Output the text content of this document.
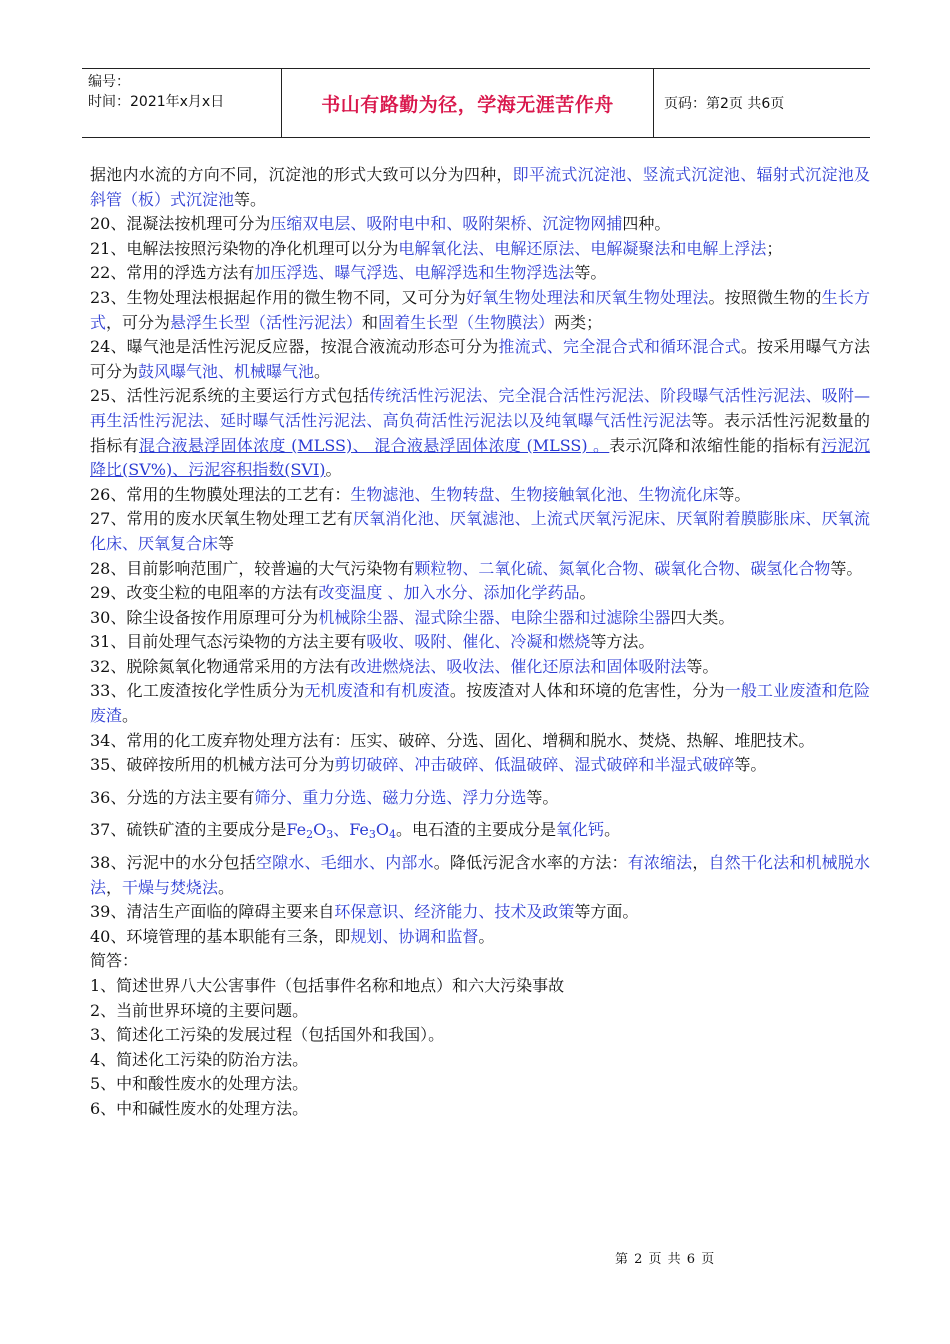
编号：
时间：2021年x月x日	书山有路勤为径，学海无涯苦作舟	页码：第2页 共6页

据池内水流的方向不同，沉淀池的形式大致可以分为四种，即平流式沉淀池、竖流式沉淀池、辐射式沉淀池及斜管（板）式沉淀池等。

20、混凝法按机理可分为压缩双电层、吸附电中和、吸附架桥、沉淀物网捕四种。

21、电解法按照污染物的净化机理可以分为电解氧化法、电解还原法、电解凝聚法和电解上浮法；

22、常用的浮选方法有加压浮选、曝气浮选、电解浮选和生物浮选法等。

23、生物处理法根据起作用的微生物不同，又可分为好氧生物处理法和厌氧生物处理法。按照微生物的生长方式，可分为悬浮生长型（活性污泥法）和固着生长型（生物膜法）两类；

24、曝气池是活性污泥反应器，按混合液流动形态可分为推流式、完全混合式和循环混合式。按采用曝气方法可分为鼓风曝气池、机械曝气池。

25、活性污泥系统的主要运行方式包括传统活性污泥法、完全混合活性污泥法、阶段曝气活性污泥法、吸附—再生活性污泥法、延时曝气活性污泥法、高负荷活性污泥法以及纯氧曝气活性污泥法等。表示活性污泥数量的指标有混合液悬浮固体浓度 (MLSS)、 混合液悬浮固体浓度 (MLSS) 。表示沉降和浓缩性能的指标有污泥沉降比(SV%)、污泥容积指数(SVI)。

26、常用的生物膜处理法的工艺有：生物滤池、生物转盘、生物接触氧化池、生物流化床等。

27、常用的废水厌氧生物处理工艺有厌氧消化池、厌氧滤池、上流式厌氧污泥床、厌氧附着膜膨胀床、厌氧流化床、厌氧复合床等

28、目前影响范围广，较普遍的大气污染物有颗粒物、二氧化硫、氮氧化合物、碳氧化合物、碳氢化合物等。

29、改变尘粒的电阻率的方法有改变温度 、加入水分、添加化学药品。

30、除尘设备按作用原理可分为机械除尘器、湿式除尘器、电除尘器和过滤除尘器四大类。

31、目前处理气态污染物的方法主要有吸收、吸附、催化、冷凝和燃烧等方法。

32、脱除氮氧化物通常采用的方法有改进燃烧法、吸收法、催化还原法和固体吸附法等。

33、化工废渣按化学性质分为无机废渣和有机废渣。按废渣对人体和环境的危害性，分为一般工业废渣和危险废渣。

34、常用的化工废弃物处理方法有：压实、破碎、分选、固化、增稠和脱水、焚烧、热解、堆肥技术。

35、破碎按所用的机械方法可分为剪切破碎、冲击破碎、低温破碎、湿式破碎和半湿式破碎等。

36、分选的方法主要有筛分、重力分选、磁力分选、浮力分选等。

37、硫铁矿渣的主要成分是$Fe_2O_3$、$Fe_3O_4$。电石渣的主要成分是氧化钙。

38、污泥中的水分包括空隙水、毛细水、内部水。降低污泥含水率的方法：有浓缩法，自然干化法和机械脱水法，干燥与焚烧法。

39、清洁生产面临的障碍主要来自环保意识、经济能力、技术及政策等方面。

40、环境管理的基本职能有三条，即规划、协调和监督。

简答：

1、简述世界八大公害事件（包括事件名称和地点）和六大污染事故

2、当前世界环境的主要问题。

3、简述化工污染的发展过程（包括国外和我国）。

4、简述化工污染的防治方法。

5、中和酸性废水的处理方法。

6、中和碱性废水的处理方法。

第 2 页 共 6 页
